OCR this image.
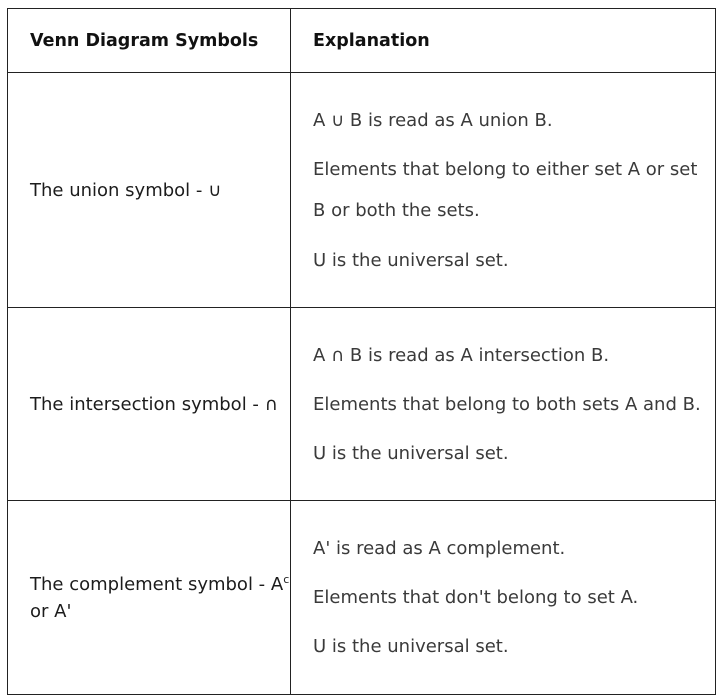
Venn Diagram Symbols	Explanation
The union symbol - ∪	A ∪ B is read as A union B.

Elements that belong to either set A or set B or both the sets.

U is the universal set.

The intersection symbol - ∩	A ∩ B is read as A intersection B.

Elements that belong to both sets A and B.

U is the universal set.

The complement symbol - $A^c$ or A'	A' is read as A complement.

Elements that don't belong to set A.

U is the universal set.
